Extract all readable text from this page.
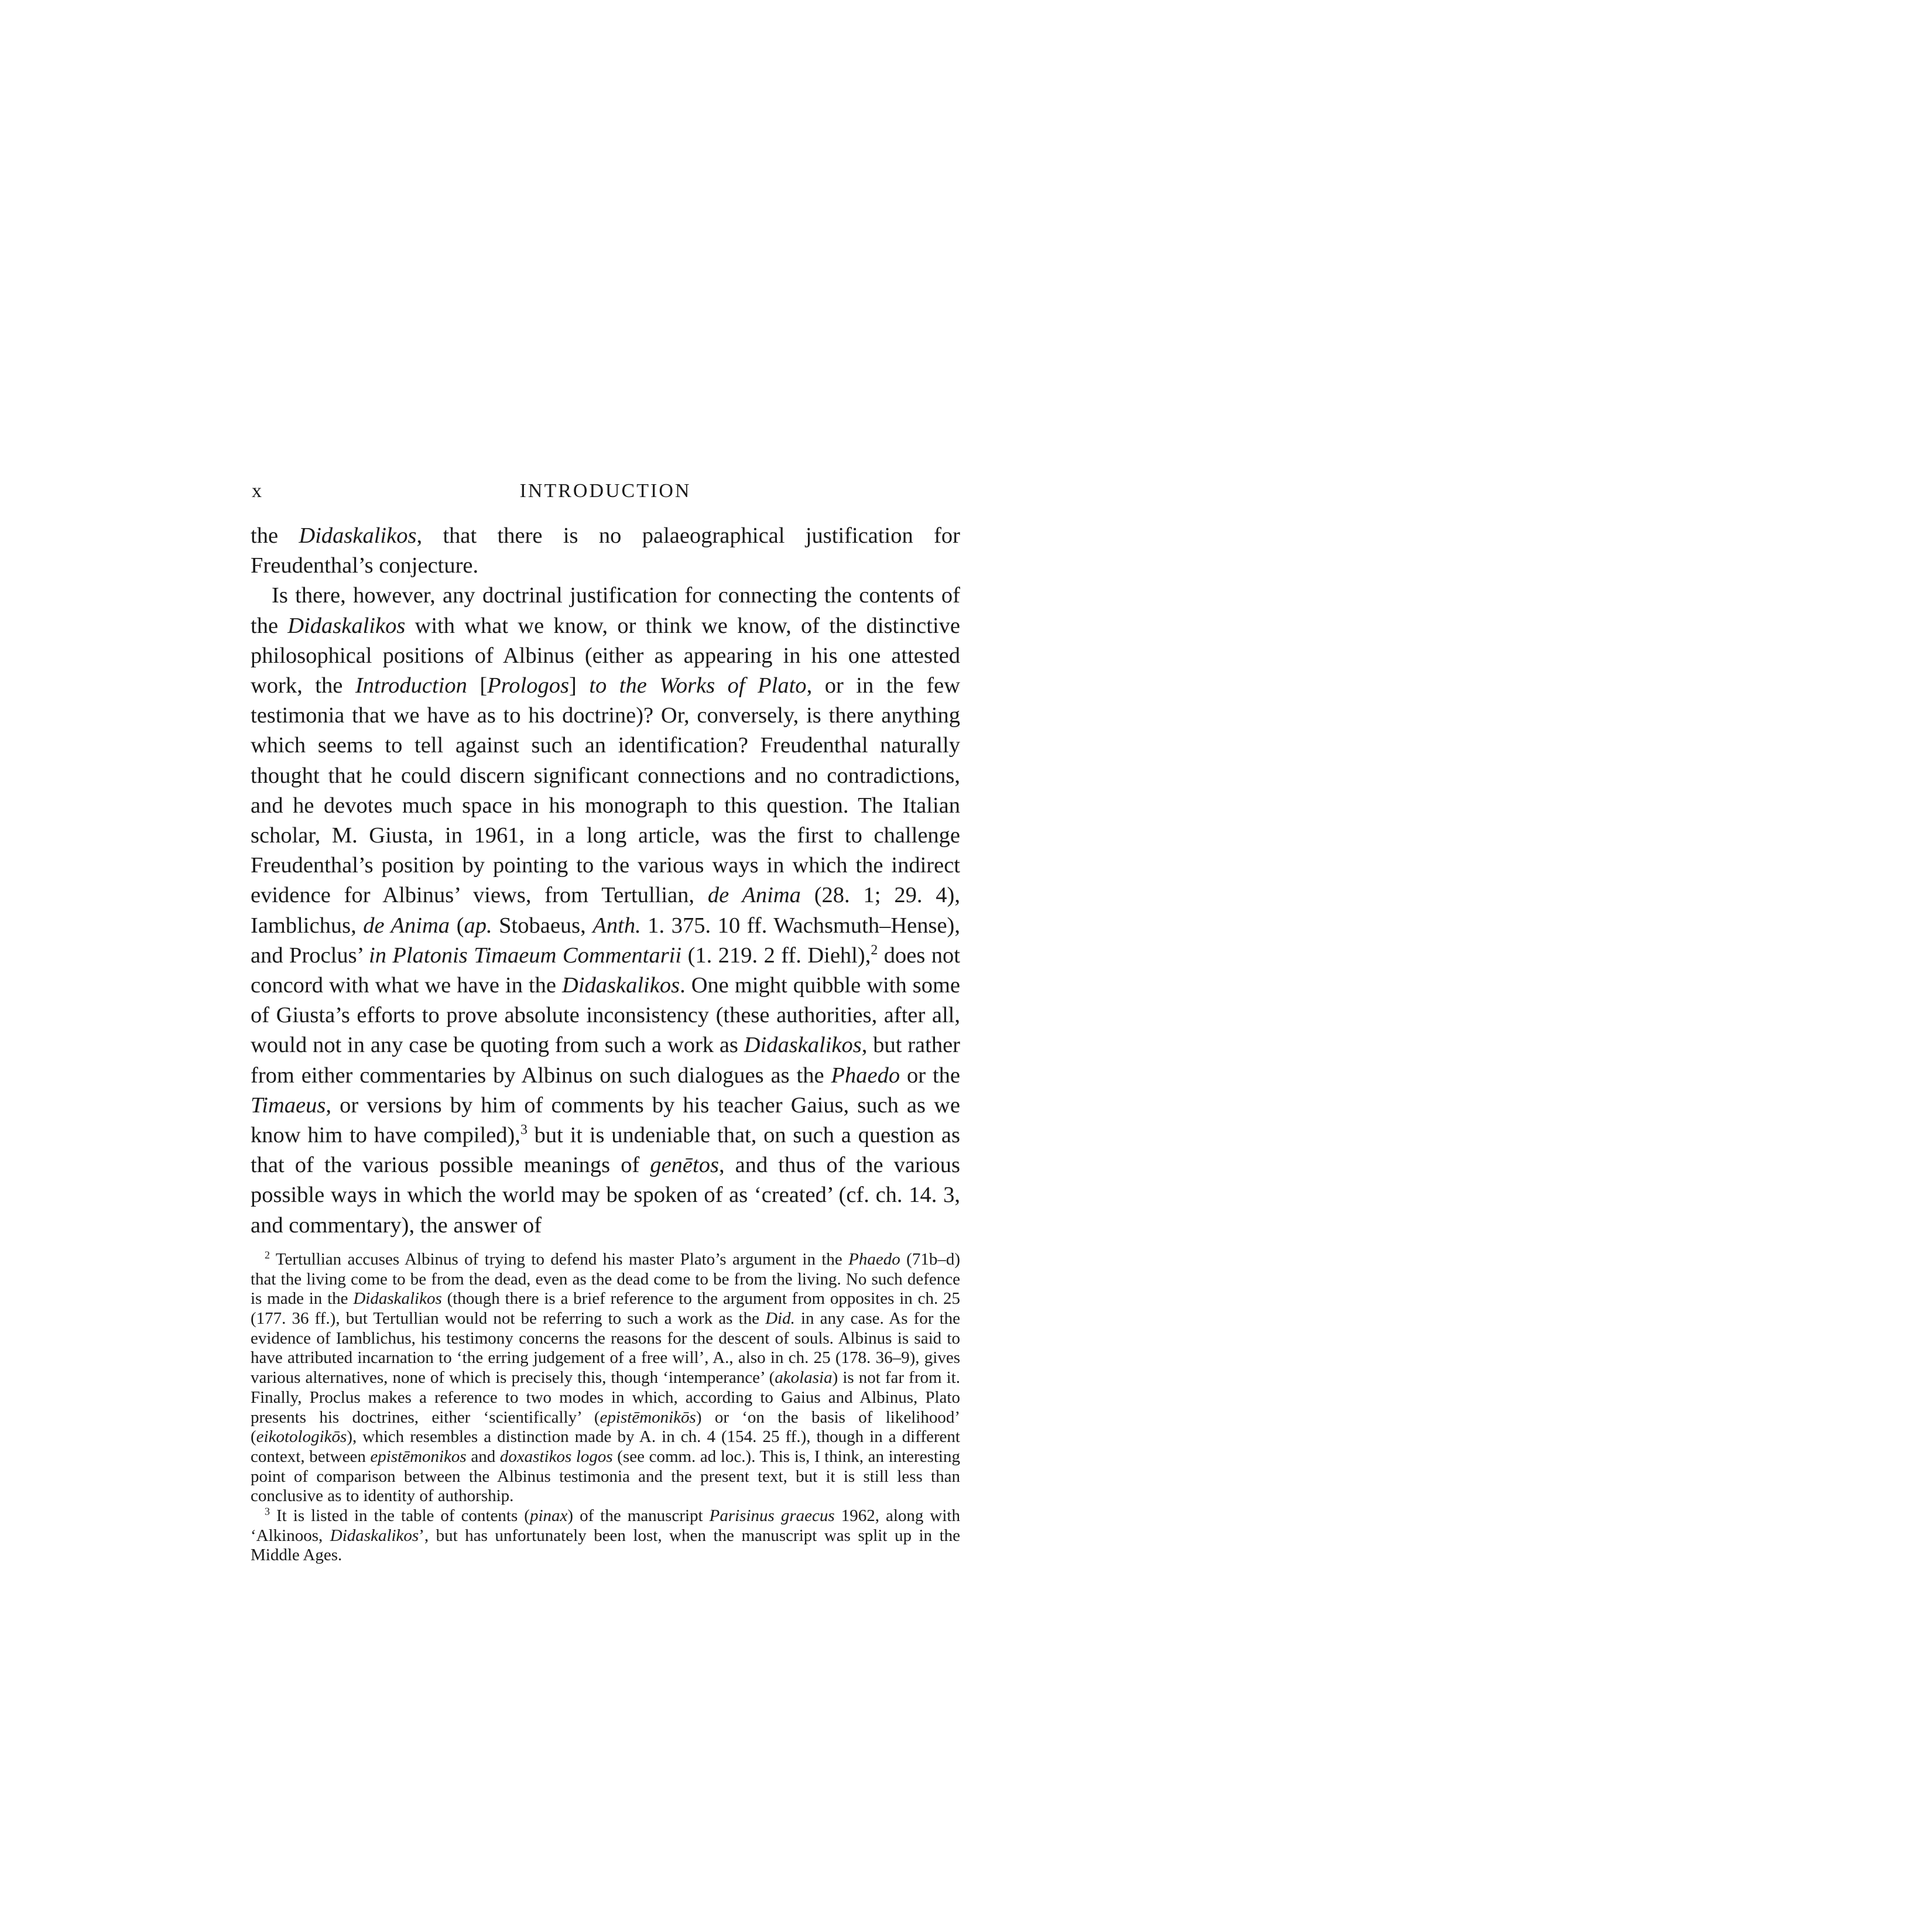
x	INTRODUCTION

the Didaskalikos, that there is no palaeographical justification for Freudenthal’s conjecture.

Is there, however, any doctrinal justification for connecting the contents of the Didaskalikos with what we know, or think we know, of the distinctive philosophical positions of Albinus (either as appearing in his one attested work, the Introduction [Prologos] to the Works of Plato, or in the few testimonia that we have as to his doctrine)? Or, conversely, is there anything which seems to tell against such an identification? Freudenthal naturally thought that he could discern significant connections and no contradictions, and he devotes much space in his monograph to this question. The Italian scholar, M. Giusta, in 1961, in a long article, was the first to challenge Freudenthal’s position by pointing to the various ways in which the indirect evidence for Albinus’ views, from Tertullian, de Anima (28. 1; 29. 4), Iamblichus, de Anima (ap. Stobaeus, Anth. 1. 375. 10 ff. Wachsmuth–Hense), and Proclus’ in Platonis Timaeum Commentarii (1. 219. 2 ff. Diehl),$^2$ does not concord with what we have in the Didaskalikos. One might quibble with some of Giusta’s efforts to prove absolute inconsistency (these authorities, after all, would not in any case be quoting from such a work as Didaskalikos, but rather from either commentaries by Albinus on such dialogues as the Phaedo or the Timaeus, or versions by him of comments by his teacher Gaius, such as we know him to have compiled),$^3$ but it is undeniable that, on such a question as that of the various possible meanings of genētos, and thus of the various possible ways in which the world may be spoken of as ‘created’ (cf. ch. 14. 3, and commentary), the answer of

$^2$ Tertullian accuses Albinus of trying to defend his master Plato’s argument in the Phaedo (71b–d) that the living come to be from the dead, even as the dead come to be from the living. No such defence is made in the Didaskalikos (though there is a brief reference to the argument from opposites in ch. 25 (177. 36 ff.), but Tertullian would not be referring to such a work as the Did. in any case. As for the evidence of Iamblichus, his testimony concerns the reasons for the descent of souls. Albinus is said to have attributed incarnation to ‘the erring judgement of a free will’, A., also in ch. 25 (178. 36–9), gives various alternatives, none of which is precisely this, though ‘intemperance’ (akolasia) is not far from it. Finally, Proclus makes a reference to two modes in which, according to Gaius and Albinus, Plato presents his doctrines, either ‘scientifically’ (epistēmonikōs) or ‘on the basis of likelihood’ (eikotologikōs), which resembles a distinction made by A. in ch. 4 (154. 25 ff.), though in a different context, between epistēmonikos and doxastikos logos (see comm. ad loc.). This is, I think, an interesting point of comparison between the Albinus testimonia and the present text, but it is still less than conclusive as to identity of authorship.

$^3$ It is listed in the table of contents (pinax) of the manuscript Parisinus graecus 1962, along with ‘Alkinoos, Didaskalikos’, but has unfortunately been lost, when the manuscript was split up in the Middle Ages.
